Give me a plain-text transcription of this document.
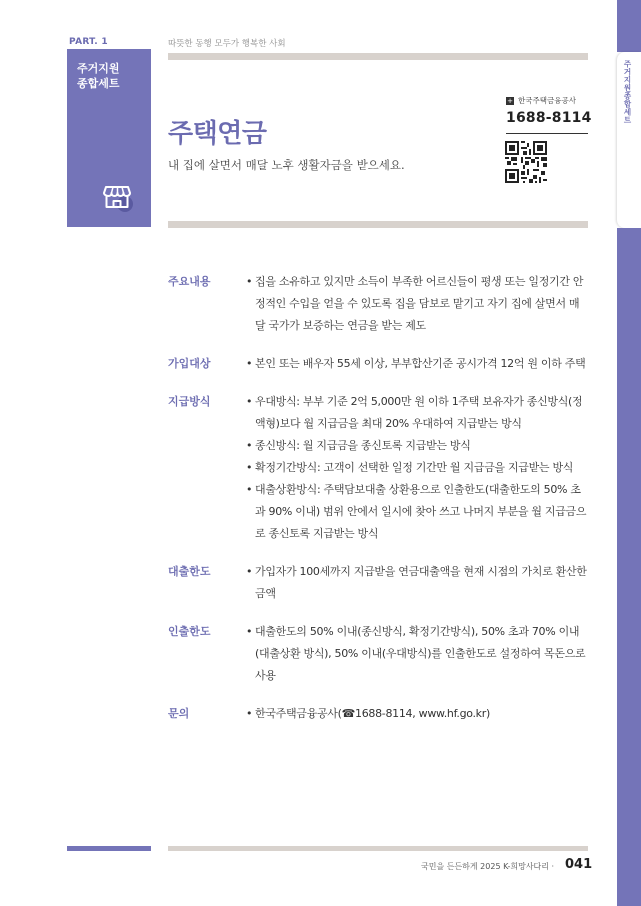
PART. 1	따뜻한 동행 모두가 행복한 사회
주거지원
종합세트
주택연금
내 집에 살면서 매달 노후 생활자금을 받으세요.
+ 한국주택금융공사
1688-8114	주거지원종합세트
주요내용	• 집을 소유하고 있지만 소득이 부족한 어르신들이 평생 또는 일정기간 안정적인 수입을 얻을 수 있도록 집을 담보로 맡기고 자기 집에 살면서 매달 국가가 보증하는 연금을 받는 제도
가입대상	• 본인 또는 배우자 55세 이상, 부부합산기준 공시가격 12억 원 이하 주택
지급방식	• 우대방식: 부부 기준 2억 5,000만 원 이하 1주택 보유자가 종신방식(정액형)보다 월 지급금을 최대 20% 우대하여 지급받는 방식
• 종신방식: 월 지급금을 종신토록 지급받는 방식
• 확정기간방식: 고객이 선택한 일정 기간만 월 지급금을 지급받는 방식
• 대출상환방식: 주택담보대출 상환용으로 인출한도(대출한도의 50% 초과 90% 이내) 범위 안에서 일시에 찾아 쓰고 나머지 부분을 월 지급금으로 종신토록 지급받는 방식
대출한도	• 가입자가 100세까지 지급받을 연금대출액을 현재 시점의 가치로 환산한 금액
인출한도	• 대출한도의 50% 이내(종신방식, 확정기간방식), 50% 초과 70% 이내(대출상환 방식), 50% 이내(우대방식)를 인출한도로 설정하여 목돈으로 사용
문의	• 한국주택금융공사(☎1688-8114, www.hf.go.kr)
국민을 든든하게 2025 K-희망사다리 · 041
